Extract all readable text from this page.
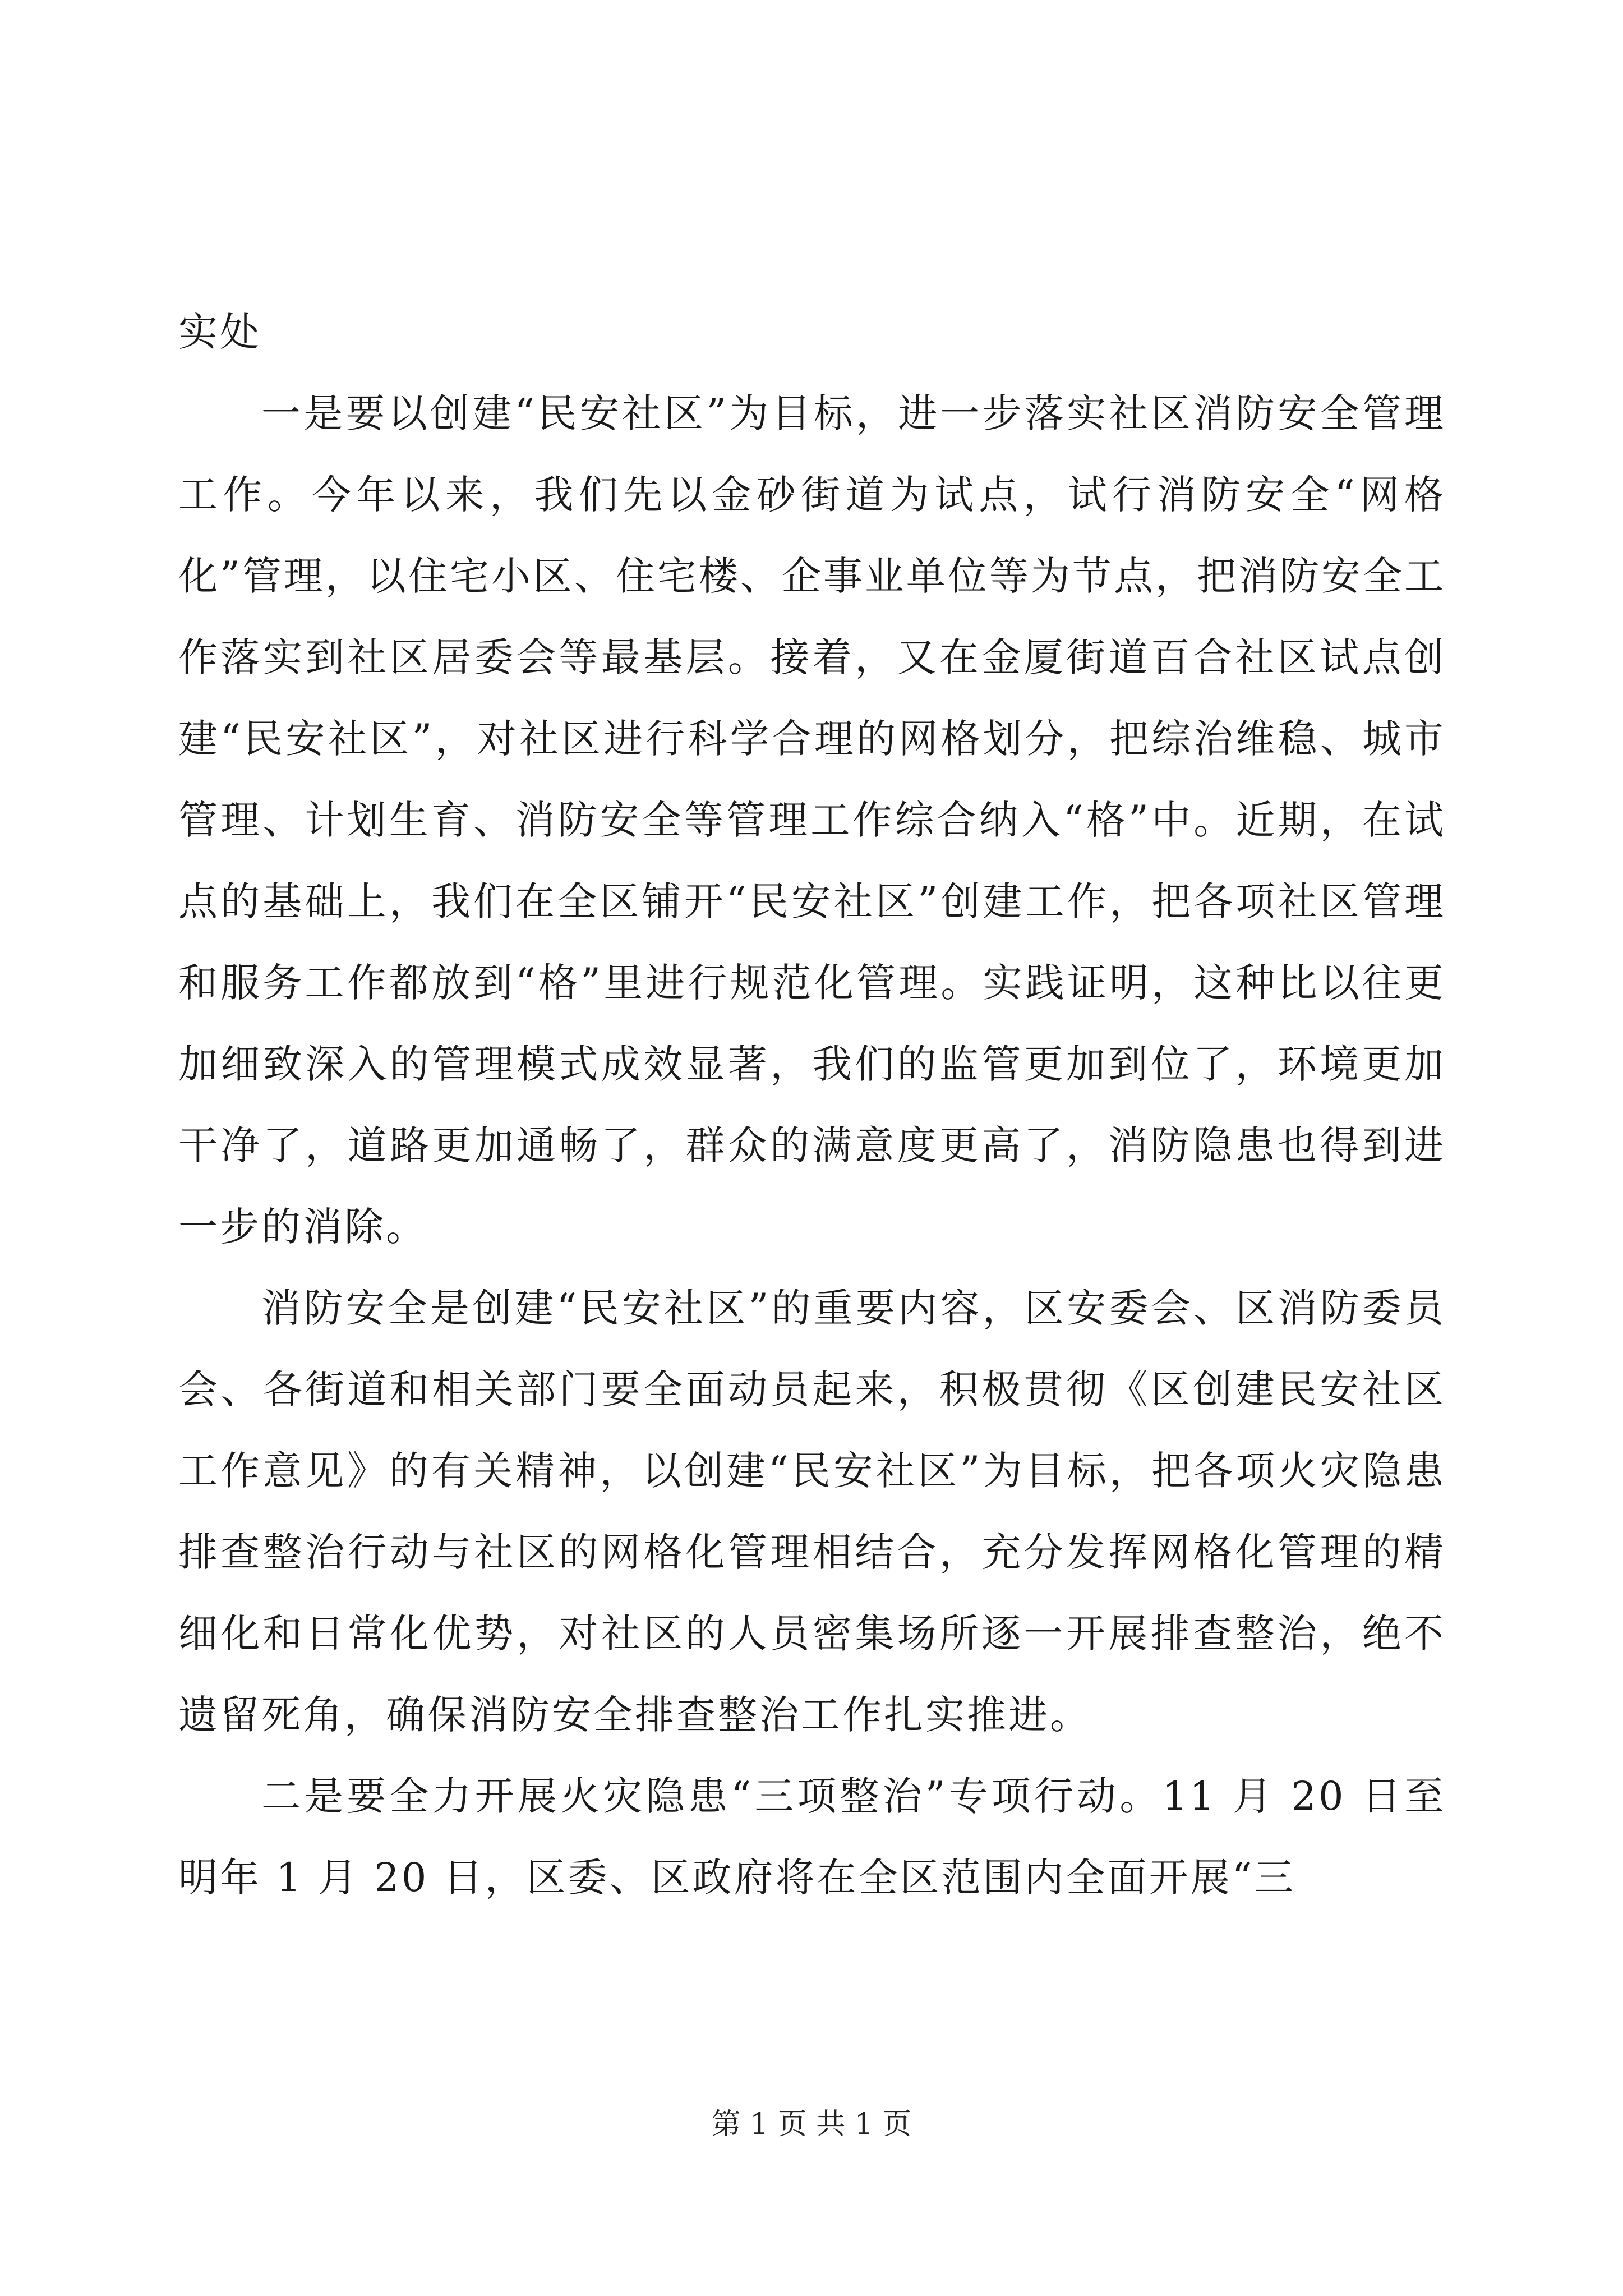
实处

一是要以创建“民安社区”为目标，进一步落实社区消防安全管理工作。今年以来，我们先以金砂街道为试点，试行消防安全“网格化”管理，以住宅小区、住宅楼、企事业单位等为节点，把消防安全工作落实到社区居委会等最基层。接着，又在金厦街道百合社区试点创建“民安社区”，对社区进行科学合理的网格划分，把综治维稳、城市管理、计划生育、消防安全等管理工作综合纳入“格”中。近期，在试点的基础上，我们在全区铺开“民安社区”创建工作，把各项社区管理和服务工作都放到“格”里进行规范化管理。实践证明，这种比以往更加细致深入的管理模式成效显著，我们的监管更加到位了，环境更加干净了，道路更加通畅了，群众的满意度更高了，消防隐患也得到进一步的消除。

消防安全是创建“民安社区”的重要内容，区安委会、区消防委员会、各街道和相关部门要全面动员起来，积极贯彻《区创建民安社区工作意见》的有关精神，以创建“民安社区”为目标，把各项火灾隐患排查整治行动与社区的网格化管理相结合，充分发挥网格化管理的精细化和日常化优势，对社区的人员密集场所逐一开展排查整治，绝不遗留死角，确保消防安全排查整治工作扎实推进。

二是要全力开展火灾隐患“三项整治”专项行动。11 月 20 日至明年 1 月 20 日，区委、区政府将在全区范围内全面开展“三

第 1 页 共 1 页
